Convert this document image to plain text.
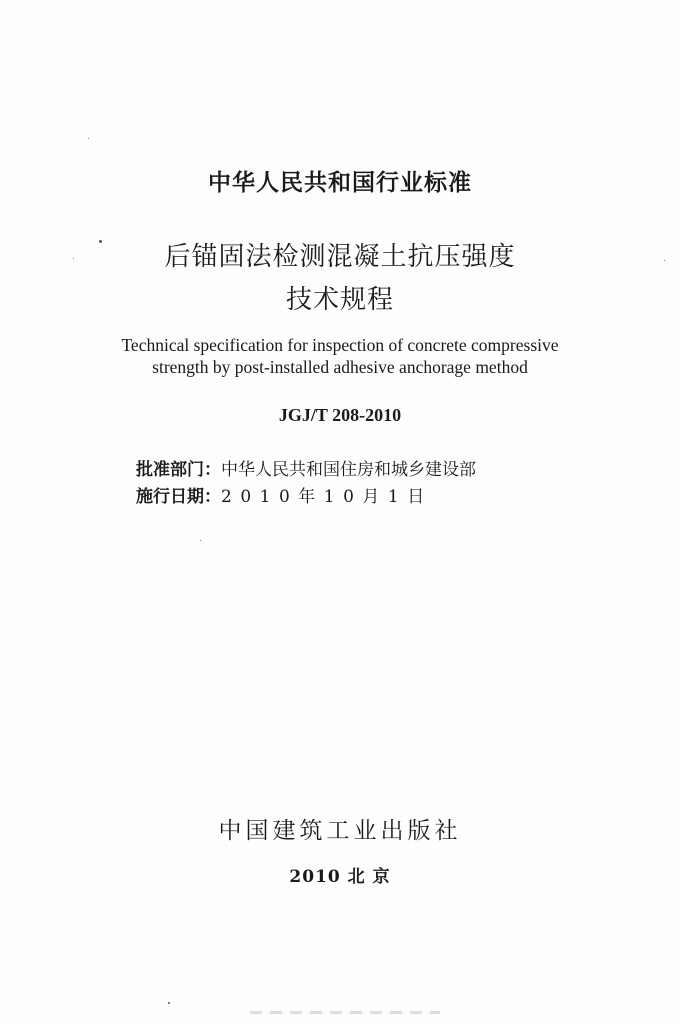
中华人民共和国行业标准
后锚固法检测混凝土抗压强度
技术规程
Technical specification for inspection of concrete compressive
strength by post-installed adhesive anchorage method
JGJ/T 208-2010
批准部门：中华人民共和国住房和城乡建设部
施行日期：2010年10月1日
中国建筑工业出版社
2010 北 京
